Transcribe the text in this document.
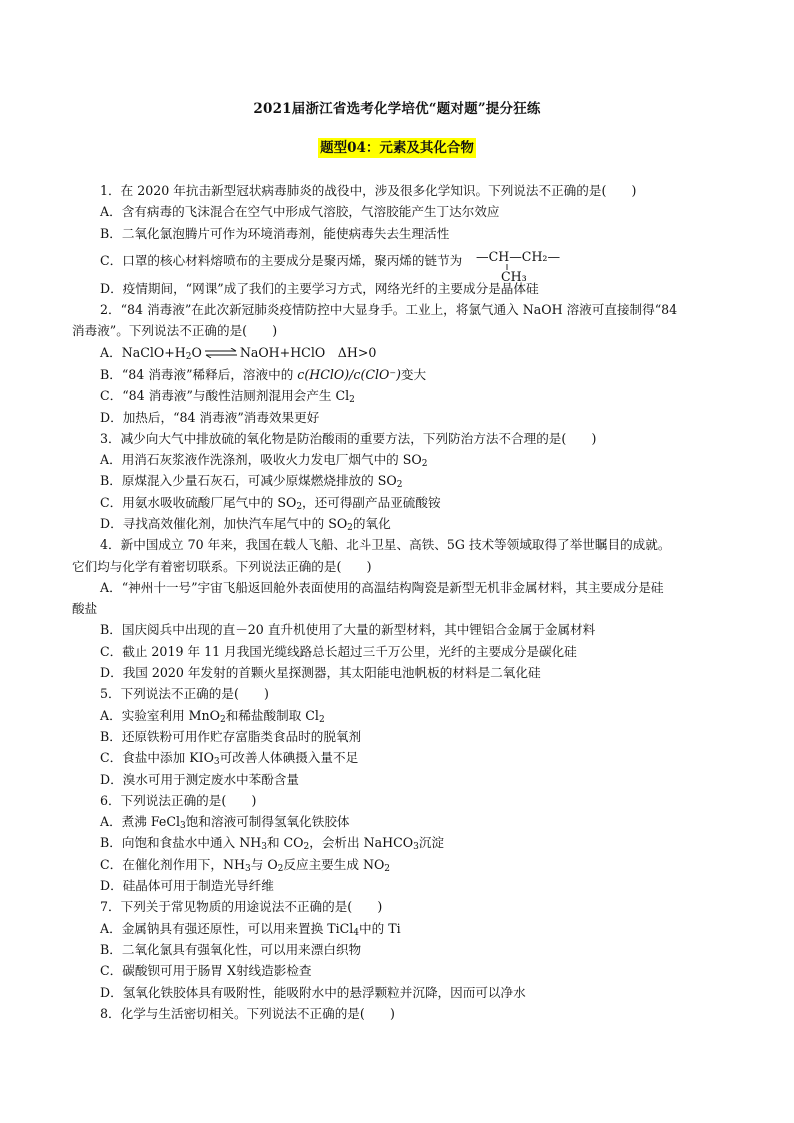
2021届浙江省选考化学培优“题对题”提分狂练
题型04：元素及其化合物
1．在 2020 年抗击新型冠状病毒肺炎的战役中，涉及很多化学知识。下列说法不正确的是(　　)
A．含有病毒的飞沫混合在空气中形成气溶胶，气溶胶能产生丁达尔效应
B．二氧化氯泡腾片可作为环境消毒剂，能使病毒失去生理活性
C．口罩的核心材料熔喷布的主要成分是聚丙烯，聚丙烯的链节为 —CH—CH₂—
CH₃
D．疫情期间，“网课”成了我们的主要学习方式，网络光纤的主要成分是晶体硅
2．“84 消毒液”在此次新冠肺炎疫情防控中大显身手。工业上，将氯气通入 NaOH 溶液可直接制得“84
消毒液”。下列说法不正确的是(　　)
A．$NaClO+H_2O$ ⇌ NaOH+HClO　ΔH>0
B．“84 消毒液”稀释后，溶液中的 c(HClO)/c(ClO⁻)变大
C．“84 消毒液”与酸性洁厕剂混用会产生 $Cl_2$
D．加热后，“84 消毒液”消毒效果更好
3．减少向大气中排放硫的氧化物是防治酸雨的重要方法，下列防治方法不合理的是(　　)
A．用消石灰浆液作洗涤剂，吸收火力发电厂烟气中的 $SO_2$
B．原煤混入少量石灰石，可减少原煤燃烧排放的 $SO_2$
C．用氨水吸收硫酸厂尾气中的 $SO_2$，还可得副产品亚硫酸铵
D．寻找高效催化剂，加快汽车尾气中的 $SO_2$的氧化
4．新中国成立 70 年来，我国在载人飞船、北斗卫星、高铁、5G 技术等领域取得了举世瞩目的成就。
它们均与化学有着密切联系。下列说法正确的是(　　)
A．“神州十一号”宇宙飞船返回舱外表面使用的高温结构陶瓷是新型无机非金属材料，其主要成分是硅
酸盐
B．国庆阅兵中出现的直－20 直升机使用了大量的新型材料，其中锂铝合金属于金属材料
C．截止 2019 年 11 月我国光缆线路总长超过三千万公里，光纤的主要成分是碳化硅
D．我国 2020 年发射的首颗火星探测器，其太阳能电池帆板的材料是二氧化硅
5．下列说法不正确的是(　　)
A．实验室利用 MnO$_2$和稀盐酸制取 $Cl_2$
B．还原铁粉可用作贮存富脂类食品时的脱氧剂
C．食盐中添加 $KIO_3$可改善人体碘摄入量不足
D．溴水可用于测定废水中苯酚含量
6．下列说法正确的是(　　)
A．煮沸 FeCl$_3$饱和溶液可制得氢氧化铁胶体
B．向饱和食盐水中通入 $NH_3$和 $CO_2$，会析出 NaHCO$_3$沉淀
C．在催化剂作用下，$NH_3$与 $O_2$反应主要生成 $NO_2$
D．硅晶体可用于制造光导纤维
7．下列关于常见物质的用途说法不正确的是(　　)
A．金属钠具有强还原性，可以用来置换 TiCl$_4$中的 Ti
B．二氧化氯具有强氧化性，可以用来漂白织物
C．碳酸钡可用于肠胃 X射线造影检查
D．氢氧化铁胶体具有吸附性，能吸附水中的悬浮颗粒并沉降，因而可以净水
8．化学与生活密切相关。下列说法不正确的是(　　)
